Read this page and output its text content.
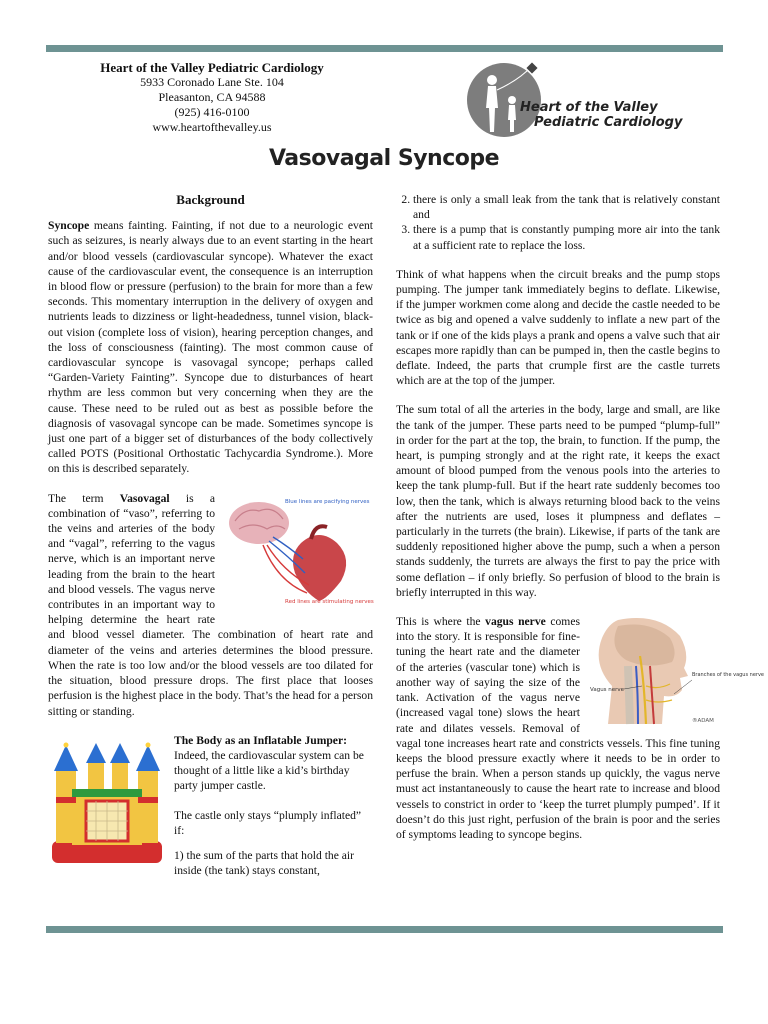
Heart of the Valley Pediatric Cardiology
5933 Coronado Lane Ste. 104
Pleasanton, CA 94588
(925) 416-0100
www.heartofthevalley.us
Heart of the Valley
Pediatric Cardiology
Vasovagal Syncope
Background

Syncope means fainting. Fainting, if not due to a neurologic event such as seizures, is nearly always due to an event starting in the heart and/or blood vessels (cardiovascular syncope). Whatever the exact cause of the cardiovascular event, the consequence is an interruption in blood flow or pressure (perfusion) to the brain for more than a few seconds. This momentary interruption in the delivery of oxygen and nutrients leads to dizziness or light-headedness, tunnel vision, black-out vision (complete loss of vision), hearing perception changes, and the loss of consciousness (fainting). The most common cause of cardiovascular syncope is vasovagal syncope; perhaps called “Garden-Variety Fainting”. Syncope due to disturbances of heart rhythm are less common but very concerning when they are the cause. These need to be ruled out as best as possible before the diagnosis of vasovagal syncope can be made. Sometimes syncope is just one part of a bigger set of disturbances of the body collectively called POTS (Positional Orthostatic Tachycardia Syndrome.). More on this is described separately.

Blue lines are pacifying nerves
Red lines are stimulating nerves
The term Vasovagal is a combination of “vaso”, referring to the veins and arteries of the body and “vagal”, referring to the vagus nerve, which is an important nerve leading from the brain to the heart and blood vessels. The vagus nerve contributes in an important way to helping determine the heart rate and blood vessel diameter. The combination of heart rate and diameter of the veins and arteries determines the blood pressure. When the rate is too low and/or the blood vessels are too dilated for the situation, blood pressure drops. The first place that looses perfusion is the highest place in the body. That’s the head for a person sitting or standing.

The Body as an Inflatable Jumper:
Indeed, the cardiovascular system can be thought of a little like a kid’s birthday party jumper castle.

The castle only stays “plumply inflated” if:

1) the sum of the parts that hold the air inside (the tank) stays constant,

2. there is only a small leak from the tank that is relatively constant and
3. there is a pump that is constantly pumping more air into the tank at a sufficient rate to replace the loss.

Think of what happens when the circuit breaks and the pump stops pumping. The jumper tank immediately begins to deflate. Likewise, if the jumper workmen come along and decide the castle needed to be twice as big and opened a valve suddenly to inflate a new part of the tank or if one of the kids plays a prank and opens a valve such that air escapes more rapidly than can be pumped in, then the castle begins to deflate. Indeed, the parts that crumple first are the castle turrets which are at the top of the jumper.

The sum total of all the arteries in the body, large and small, are like the tank of the jumper. These parts need to be pumped “plump-full” in order for the part at the top, the brain, to function. If the pump, the heart, is pumping strongly and at the right rate, it keeps the exact amount of blood pumped from the venous pools into the arteries to keep the tank plump-full. But if the heart rate suddenly becomes too low, then the tank, which is always returning blood back to the veins after the nutrients are used, loses it plumpness and deflates – particularly in the turrets (the brain). Likewise, if parts of the tank are suddenly repositioned higher above the pump, such a when a person stands suddenly, the turrets are always the first to pay the price with some deflation – if only briefly. So perfusion of blood to the brain is briefly interrupted in this way.

Vagus nerve
Branches of the vagus nerve
®ADAM
This is where the vagus nerve comes into the story. It is responsible for fine-tuning the heart rate and the diameter of the arteries (vascular tone) which is another way of saying the size of the tank. Activation of the vagus nerve (increased vagal tone) slows the heart rate and dilates vessels. Removal of vagal tone increases heart rate and constricts vessels. This fine tuning keeps the blood pressure exactly where it needs to be in order to perfuse the brain. When a person stands up quickly, the vagus nerve must act instantaneously to cause the heart rate to increase and blood vessels to constrict in order to ‘keep the turret plumply pumped’. If it doesn’t do this just right, perfusion of the brain is poor and the series of symptoms leading to syncope begins.
